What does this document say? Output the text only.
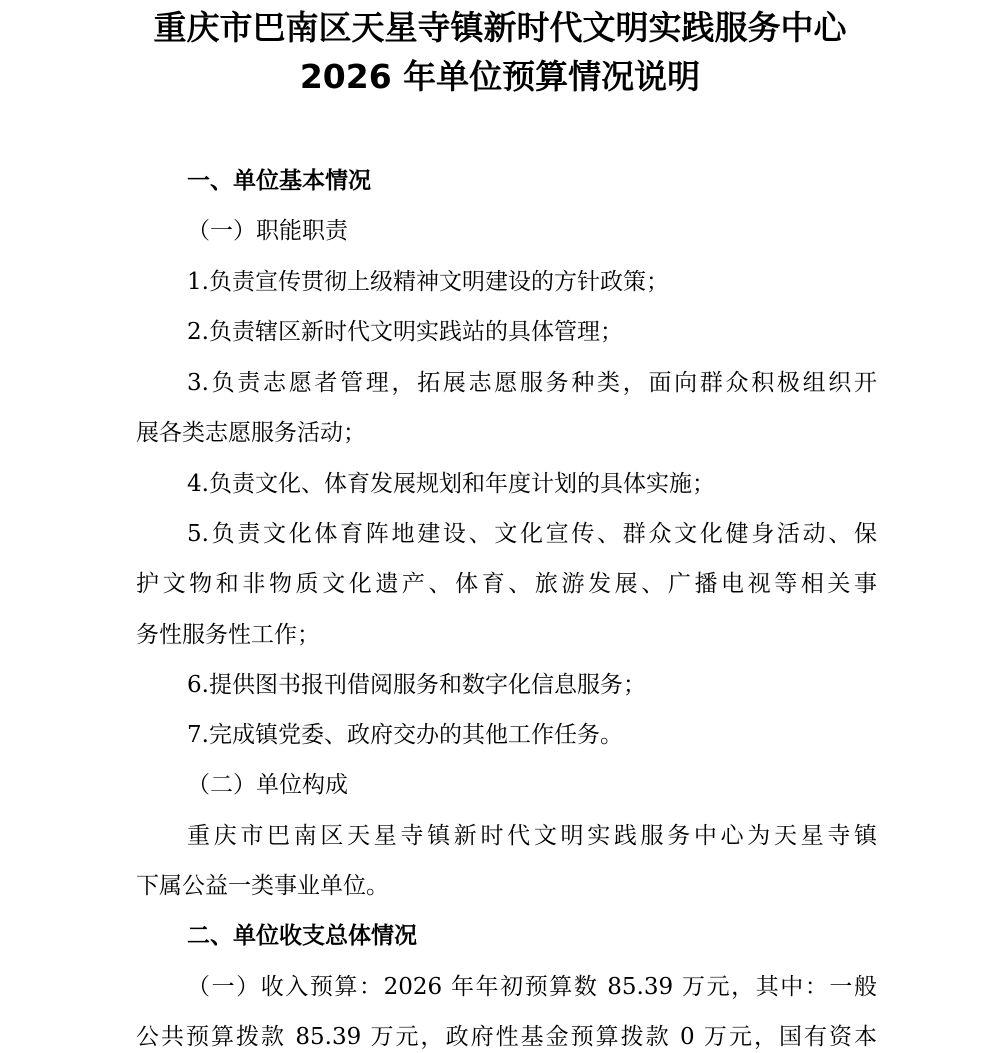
重庆市巴南区天星寺镇新时代文明实践服务中心
2026 年单位预算情况说明
一、单位基本情况
（一）职能职责
1.负责宣传贯彻上级精神文明建设的方针政策；
2.负责辖区新时代文明实践站的具体管理；
3.负责志愿者管理，拓展志愿服务种类，面向群众积极组织开
展各类志愿服务活动；
4.负责文化、体育发展规划和年度计划的具体实施；
5.负责文化体育阵地建设、文化宣传、群众文化健身活动、保
护文物和非物质文化遗产、体育、旅游发展、广播电视等相关事
务性服务性工作；
6.提供图书报刊借阅服务和数字化信息服务；
7.完成镇党委、政府交办的其他工作任务。
（二）单位构成
重庆市巴南区天星寺镇新时代文明实践服务中心为天星寺镇
下属公益一类事业单位。
二、单位收支总体情况
（一）收入预算：2026 年年初预算数 85.39 万元，其中：一般
公共预算拨款 85.39 万元，政府性基金预算拨款 0 万元，国有资本
